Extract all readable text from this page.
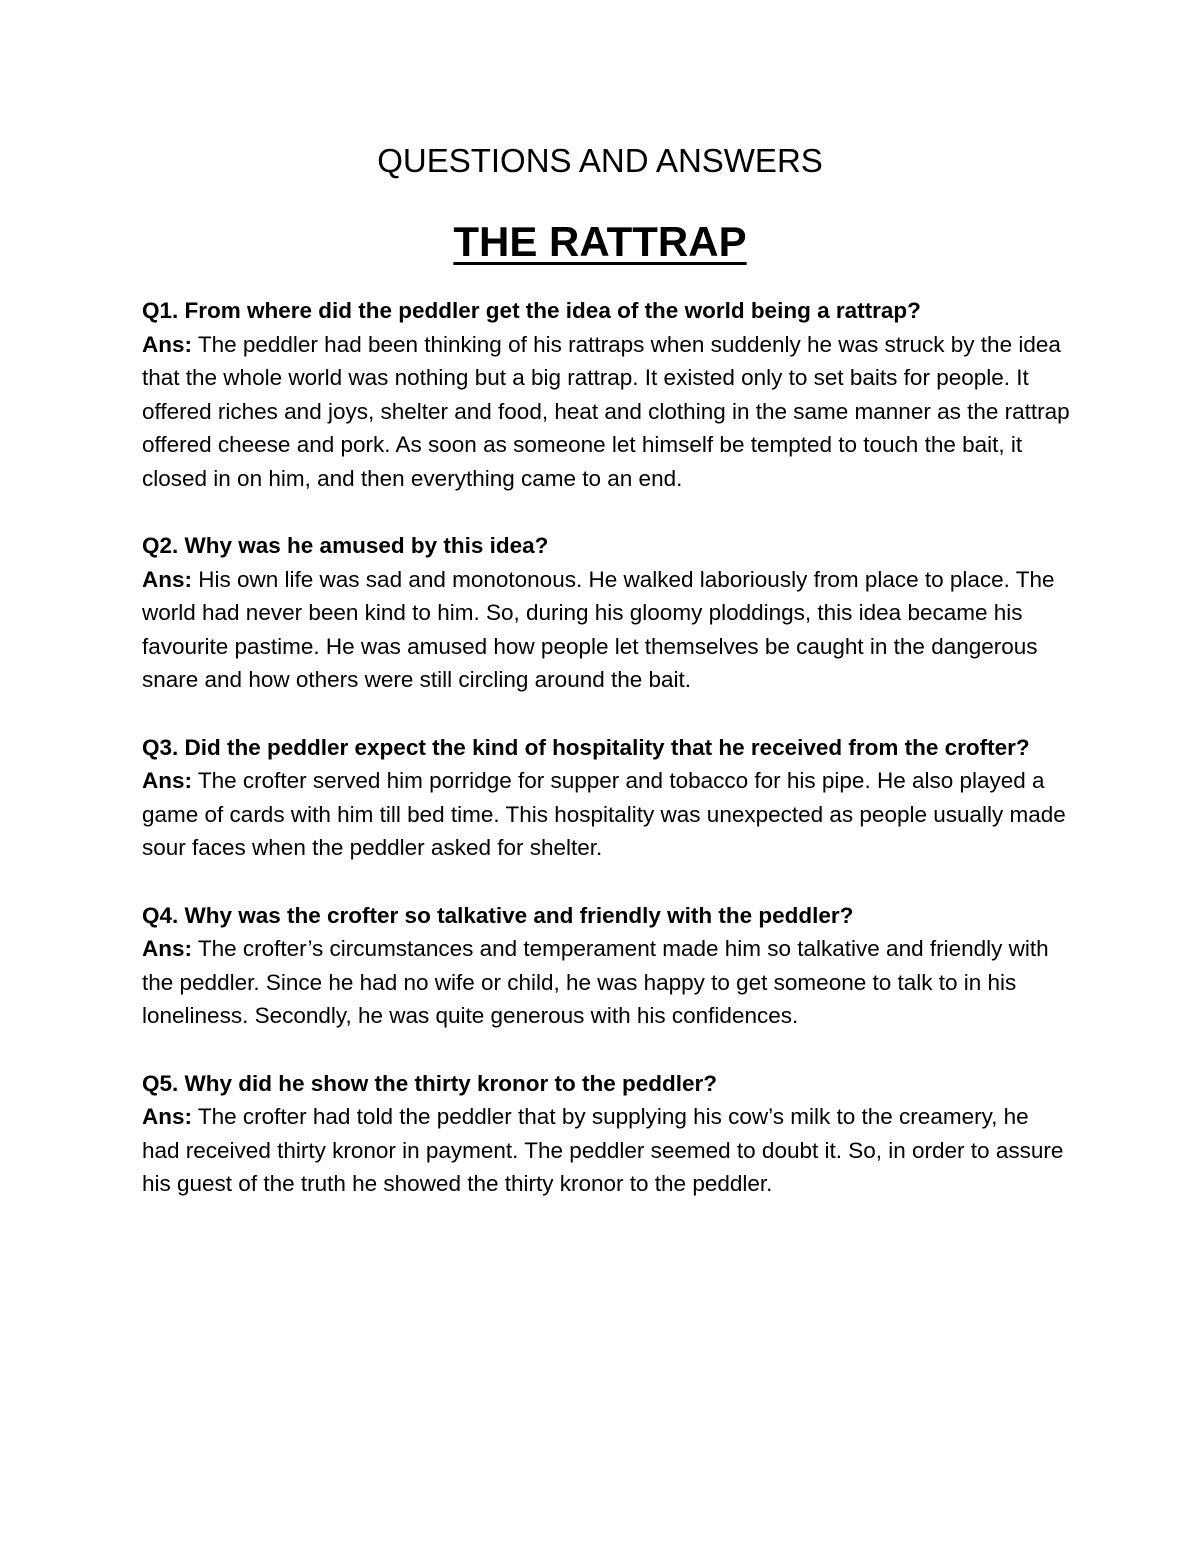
QUESTIONS AND ANSWERS
THE RATTRAP

Q1. From where did the peddler get the idea of the world being a rattrap?

Ans: The peddler had been thinking of his rattraps when suddenly he was struck by the idea that the whole world was nothing but a big rattrap. It existed only to set baits for people. It offered riches and joys, shelter and food, heat and clothing in the same manner as the rattrap offered cheese and pork. As soon as someone let himself be tempted to touch the bait, it closed in on him, and then everything came to an end.

Q2. Why was he amused by this idea?

Ans: His own life was sad and monotonous. He walked laboriously from place to place. The world had never been kind to him. So, during his gloomy ploddings, this idea became his favourite pastime. He was amused how people let themselves be caught in the dangerous snare and how others were still circling around the bait.

Q3. Did the peddler expect the kind of hospitality that he received from the crofter?

Ans: The crofter served him porridge for supper and tobacco for his pipe. He also played a game of cards with him till bed time. This hospitality was unexpected as people usually made sour faces when the peddler asked for shelter.

Q4. Why was the crofter so talkative and friendly with the peddler?

Ans: The crofter’s circumstances and temperament made him so talkative and friendly with the peddler. Since he had no wife or child, he was happy to get someone to talk to in his loneliness. Secondly, he was quite generous with his confidences.

Q5. Why did he show the thirty kronor to the peddler?

Ans: The crofter had told the peddler that by supplying his cow’s milk to the creamery, he had received thirty kronor in payment. The peddler seemed to doubt it. So, in order to assure his guest of the truth he showed the thirty kronor to the peddler.
